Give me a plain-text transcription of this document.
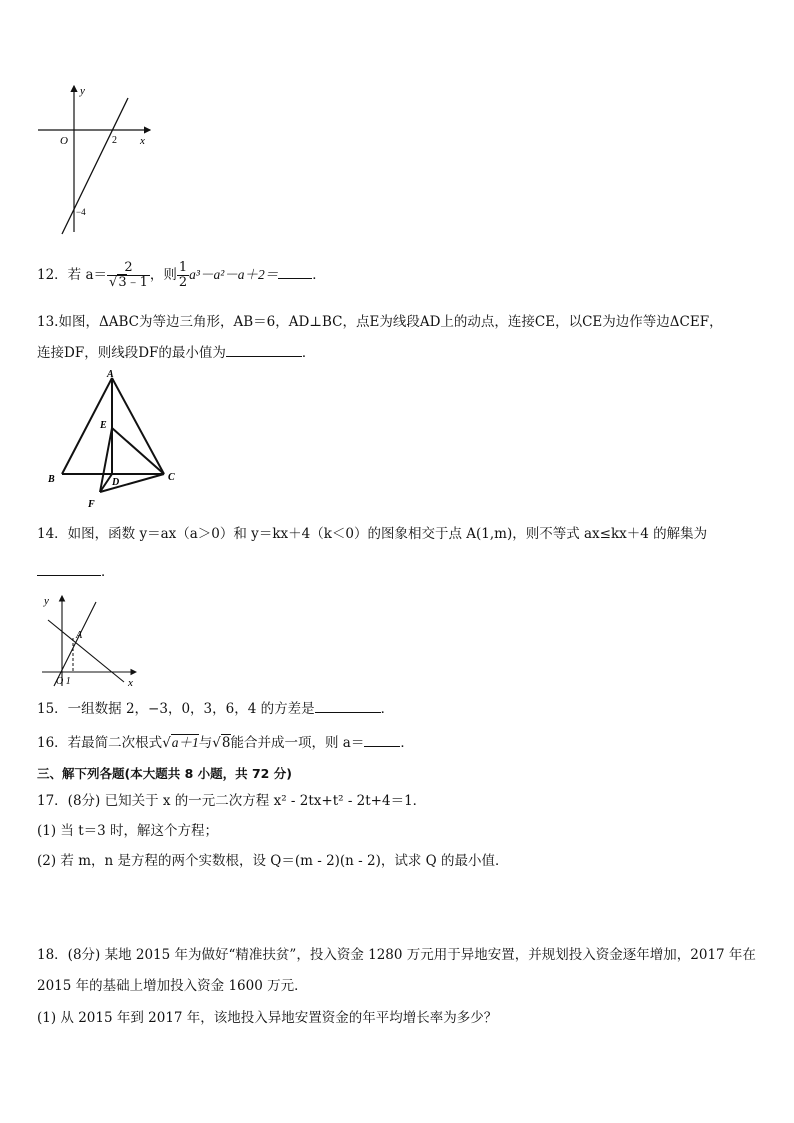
y
x
O	2
−4
12．若 $a= \frac{2}{√3﹣1}$ ，则 $\frac{1}{2} a^3-a^2-a+2=$	．
13.如图，ΔABC为等边三角形，AB＝6，AD⊥BC，点E为线段AD上的动点，连接CE，以CE为边作等边ΔCEF，
连接DF，则线段DF的最小值为	．
A
B	C
D
E
F
14．如图，函数 y＝ax（a＞0）和 y＝kx＋4（k＜0）的图象相交于点 A(1,m)，则不等式 ax≤kx＋4 的解集为
．
y
x
A
O 1
15．一组数据 2，−3，0，3，6，4 的方差是	．
16．若最简二次根式√a＋1与√8能合并成一项，则 a＝	．
三、解下列各题(本大题共 8 小题，共 72 分)
17．(8分) 已知关于 x 的一元二次方程 x² - 2tx+t² - 2t+4＝1．
(1) 当 t＝3 时，解这个方程；
(2) 若 m，n 是方程的两个实数根，设 Q＝(m - 2)(n - 2)，试求 Q 的最小值．
18．(8分) 某地 2015 年为做好“精准扶贫”，投入资金 1280 万元用于异地安置，并规划投入资金逐年增加，2017 年在
2015 年的基础上增加投入资金 1600 万元．
(1) 从 2015 年到 2017 年，该地投入异地安置资金的年平均增长率为多少？
